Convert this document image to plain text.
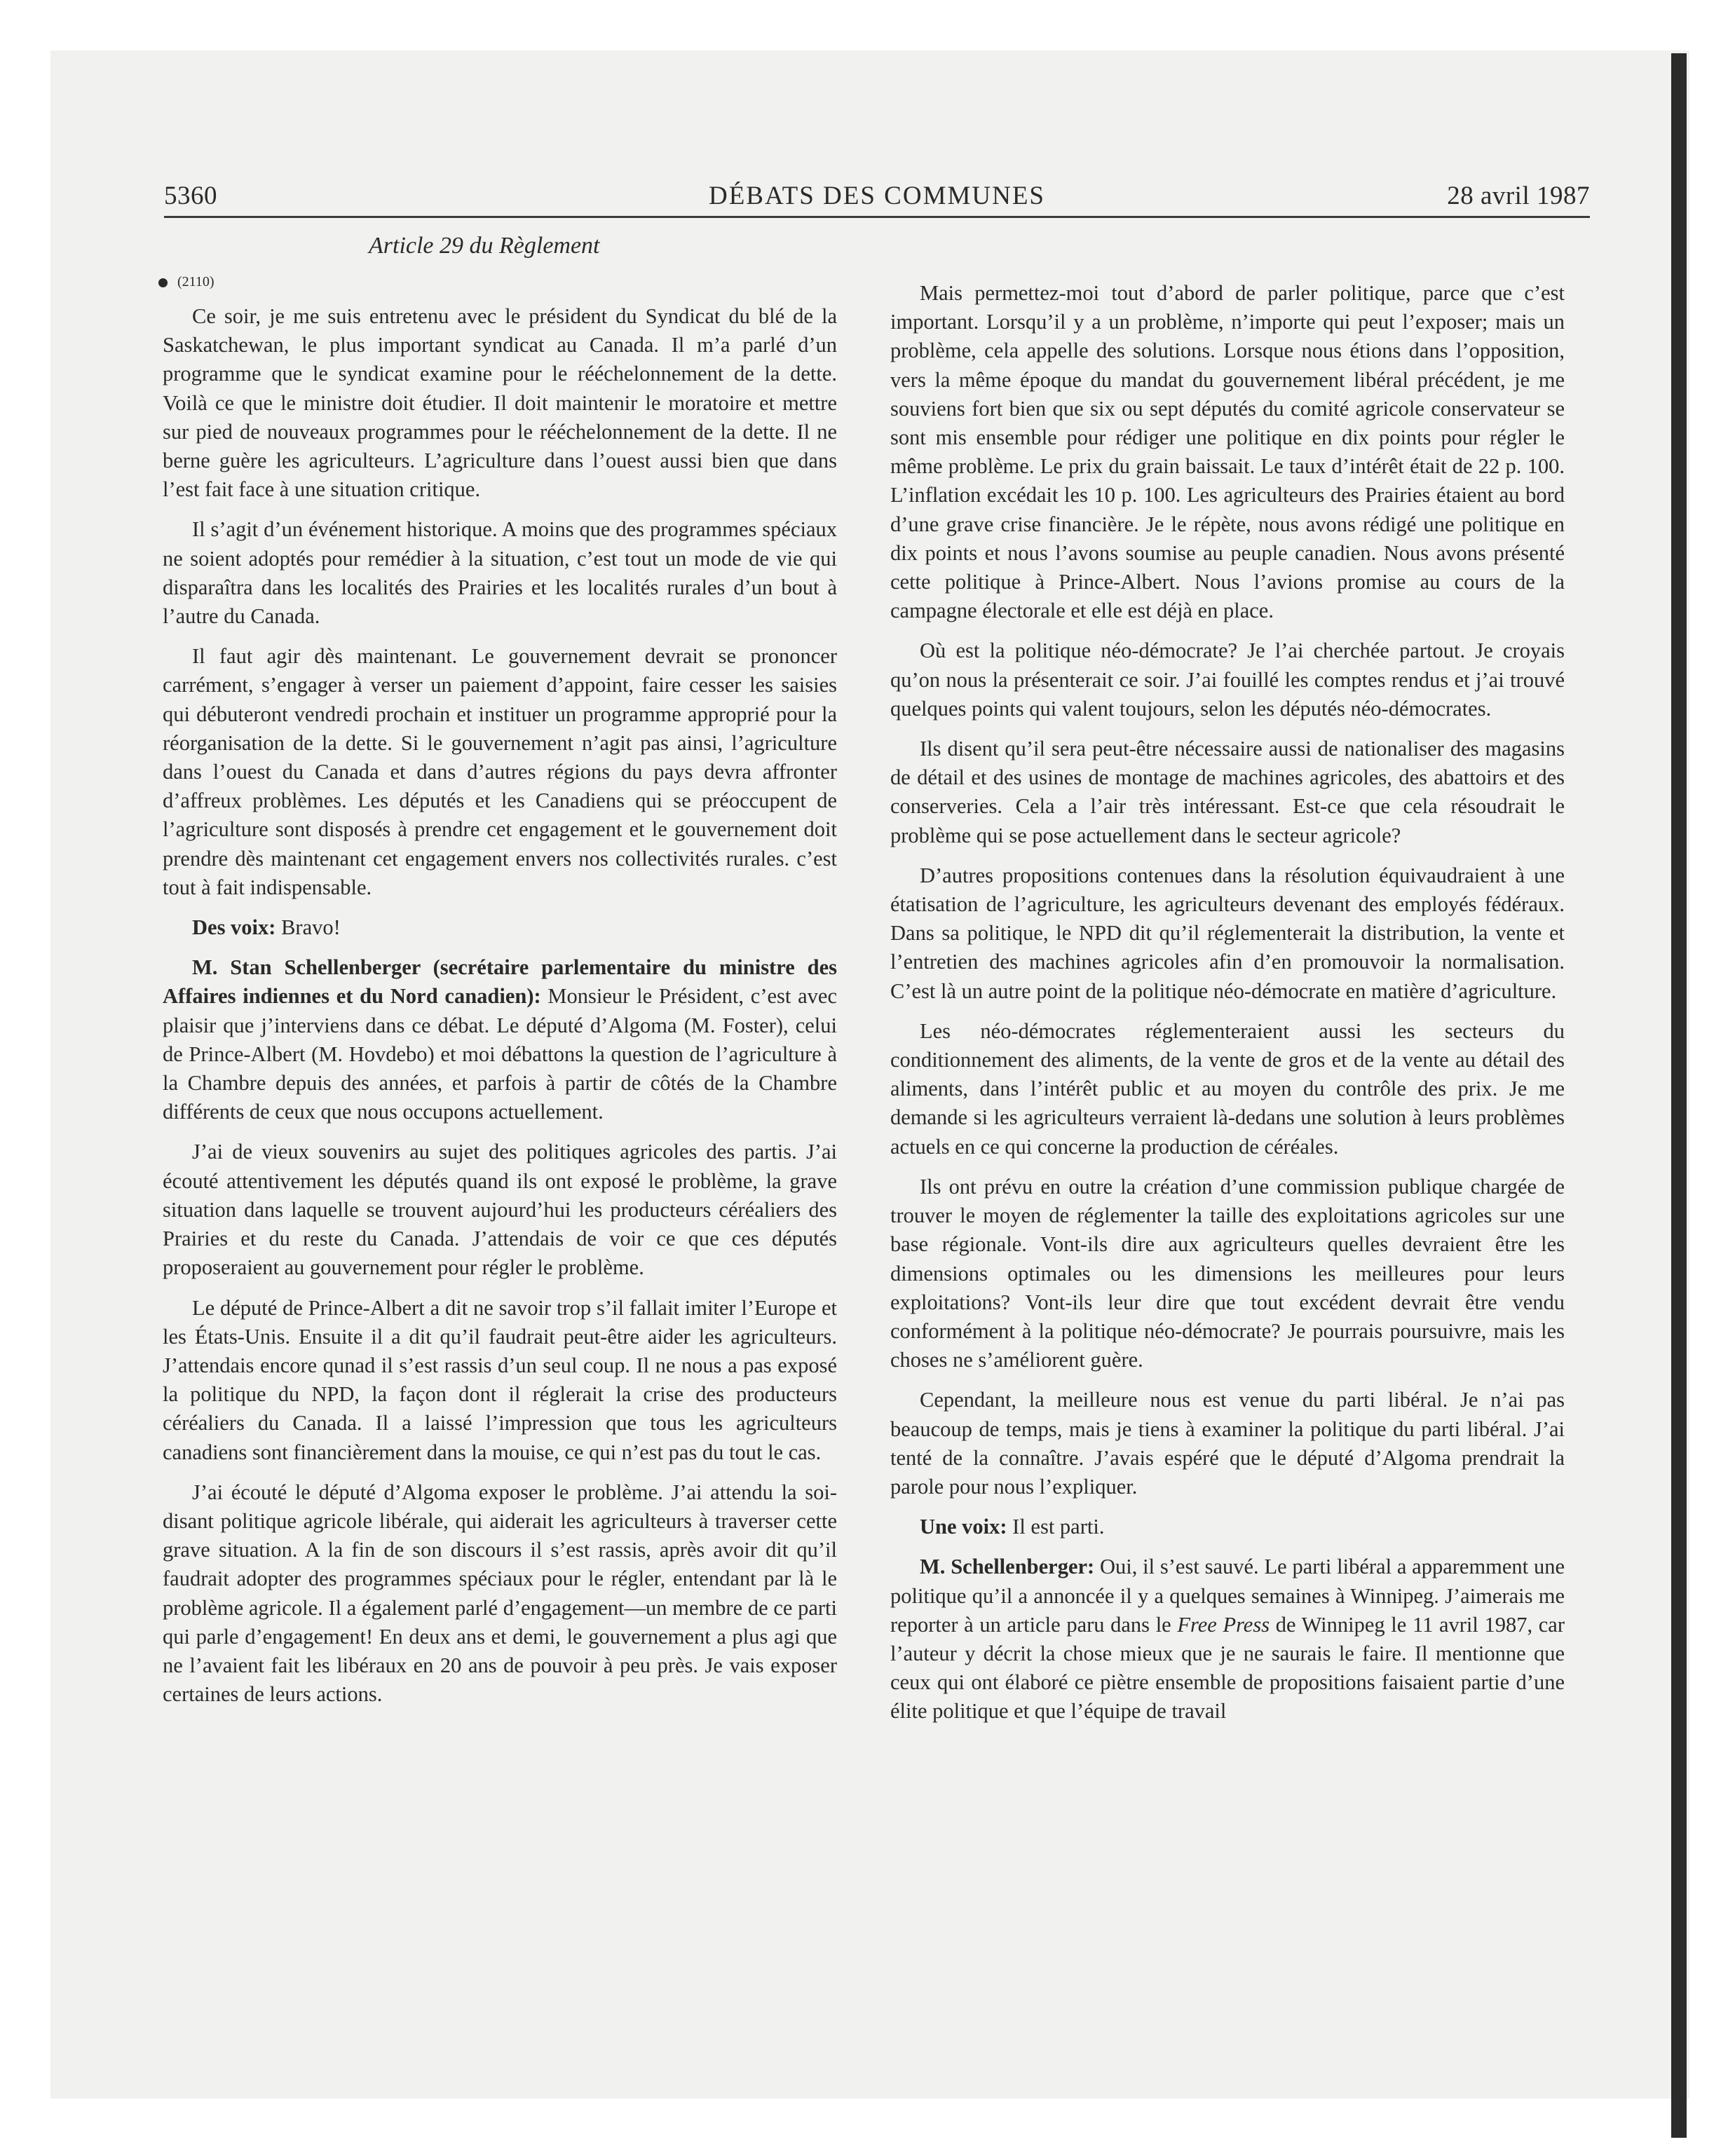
5360	DÉBATS DES COMMUNES	28 avril 1987
Article 29 du Règlement
(2110)

Ce soir, je me suis entretenu avec le président du Syndicat du blé de la Saskatchewan, le plus important syndicat au Canada. Il m’a parlé d’un programme que le syndicat examine pour le rééchelonnement de la dette. Voilà ce que le ministre doit étudier. Il doit maintenir le moratoire et mettre sur pied de nouveaux programmes pour le rééchelonnement de la dette. Il ne berne guère les agriculteurs. L’agriculture dans l’ouest aussi bien que dans l’est fait face à une situation critique.

Il s’agit d’un événement historique. A moins que des programmes spéciaux ne soient adoptés pour remédier à la situation, c’est tout un mode de vie qui disparaîtra dans les localités des Prairies et les localités rurales d’un bout à l’autre du Canada.

Il faut agir dès maintenant. Le gouvernement devrait se prononcer carrément, s’engager à verser un paiement d’appoint, faire cesser les saisies qui débuteront vendredi prochain et instituer un programme approprié pour la réorganisation de la dette. Si le gouvernement n’agit pas ainsi, l’agriculture dans l’ouest du Canada et dans d’autres régions du pays devra affronter d’affreux problèmes. Les députés et les Canadiens qui se préoccupent de l’agriculture sont disposés à prendre cet engagement et le gouvernement doit prendre dès maintenant cet engagement envers nos collectivités rurales. c’est tout à fait indispensable.

Des voix: Bravo!

M. Stan Schellenberger (secrétaire parlementaire du ministre des Affaires indiennes et du Nord canadien): Monsieur le Président, c’est avec plaisir que j’interviens dans ce débat. Le député d’Algoma (M. Foster), celui de Prince-Albert (M. Hovdebo) et moi débattons la question de l’agriculture à la Chambre depuis des années, et parfois à partir de côtés de la Chambre différents de ceux que nous occupons actuellement.

J’ai de vieux souvenirs au sujet des politiques agricoles des partis. J’ai écouté attentivement les députés quand ils ont exposé le problème, la grave situation dans laquelle se trouvent aujourd’hui les producteurs céréaliers des Prairies et du reste du Canada. J’attendais de voir ce que ces députés proposeraient au gouvernement pour régler le problème.

Le député de Prince-Albert a dit ne savoir trop s’il fallait imiter l’Europe et les États-Unis. Ensuite il a dit qu’il faudrait peut-être aider les agriculteurs. J’attendais encore qunad il s’est rassis d’un seul coup. Il ne nous a pas exposé la politique du NPD, la façon dont il réglerait la crise des producteurs céréaliers du Canada. Il a laissé l’impression que tous les agriculteurs canadiens sont financièrement dans la mouise, ce qui n’est pas du tout le cas.

J’ai écouté le député d’Algoma exposer le problème. J’ai attendu la soi-disant politique agricole libérale, qui aiderait les agriculteurs à traverser cette grave situation. A la fin de son discours il s’est rassis, après avoir dit qu’il faudrait adopter des programmes spéciaux pour le régler, entendant par là le problème agricole. Il a également parlé d’engagement—un membre de ce parti qui parle d’engagement! En deux ans et demi, le gouvernement a plus agi que ne l’avaient fait les libéraux en 20 ans de pouvoir à peu près. Je vais exposer certaines de leurs actions.

Mais permettez-moi tout d’abord de parler politique, parce que c’est important. Lorsqu’il y a un problème, n’importe qui peut l’exposer; mais un problème, cela appelle des solutions. Lorsque nous étions dans l’opposition, vers la même époque du mandat du gouvernement libéral précédent, je me souviens fort bien que six ou sept députés du comité agricole conservateur se sont mis ensemble pour rédiger une politique en dix points pour régler le même problème. Le prix du grain baissait. Le taux d’intérêt était de 22 p. 100. L’inflation excédait les 10 p. 100. Les agriculteurs des Prairies étaient au bord d’une grave crise financière. Je le répète, nous avons rédigé une politique en dix points et nous l’avons soumise au peuple canadien. Nous avons présenté cette politique à Prince-Albert. Nous l’avions promise au cours de la campagne électorale et elle est déjà en place.

Où est la politique néo-démocrate? Je l’ai cherchée partout. Je croyais qu’on nous la présenterait ce soir. J’ai fouillé les comptes rendus et j’ai trouvé quelques points qui valent toujours, selon les députés néo-démocrates.

Ils disent qu’il sera peut-être nécessaire aussi de nationaliser des magasins de détail et des usines de montage de machines agricoles, des abattoirs et des conserveries. Cela a l’air très intéressant. Est-ce que cela résoudrait le problème qui se pose actuellement dans le secteur agricole?

D’autres propositions contenues dans la résolution équivaudraient à une étatisation de l’agriculture, les agriculteurs devenant des employés fédéraux. Dans sa politique, le NPD dit qu’il réglementerait la distribution, la vente et l’entretien des machines agricoles afin d’en promouvoir la normalisation. C’est là un autre point de la politique néo-démocrate en matière d’agriculture.

Les néo-démocrates réglementeraient aussi les secteurs du conditionnement des aliments, de la vente de gros et de la vente au détail des aliments, dans l’intérêt public et au moyen du contrôle des prix. Je me demande si les agriculteurs verraient là-dedans une solution à leurs problèmes actuels en ce qui concerne la production de céréales.

Ils ont prévu en outre la création d’une commission publique chargée de trouver le moyen de réglementer la taille des exploitations agricoles sur une base régionale. Vont-ils dire aux agriculteurs quelles devraient être les dimensions optimales ou les dimensions les meilleures pour leurs exploitations? Vont-ils leur dire que tout excédent devrait être vendu conformément à la politique néo-démocrate? Je pourrais poursuivre, mais les choses ne s’améliorent guère.

Cependant, la meilleure nous est venue du parti libéral. Je n’ai pas beaucoup de temps, mais je tiens à examiner la politique du parti libéral. J’ai tenté de la connaître. J’avais espéré que le député d’Algoma prendrait la parole pour nous l’expliquer.

Une voix: Il est parti.

M. Schellenberger: Oui, il s’est sauvé. Le parti libéral a apparemment une politique qu’il a annoncée il y a quelques semaines à Winnipeg. J’aimerais me reporter à un article paru dans le Free Press de Winnipeg le 11 avril 1987, car l’auteur y décrit la chose mieux que je ne saurais le faire. Il mentionne que ceux qui ont élaboré ce piètre ensemble de propositions faisaient partie d’une élite politique et que l’équipe de travail
